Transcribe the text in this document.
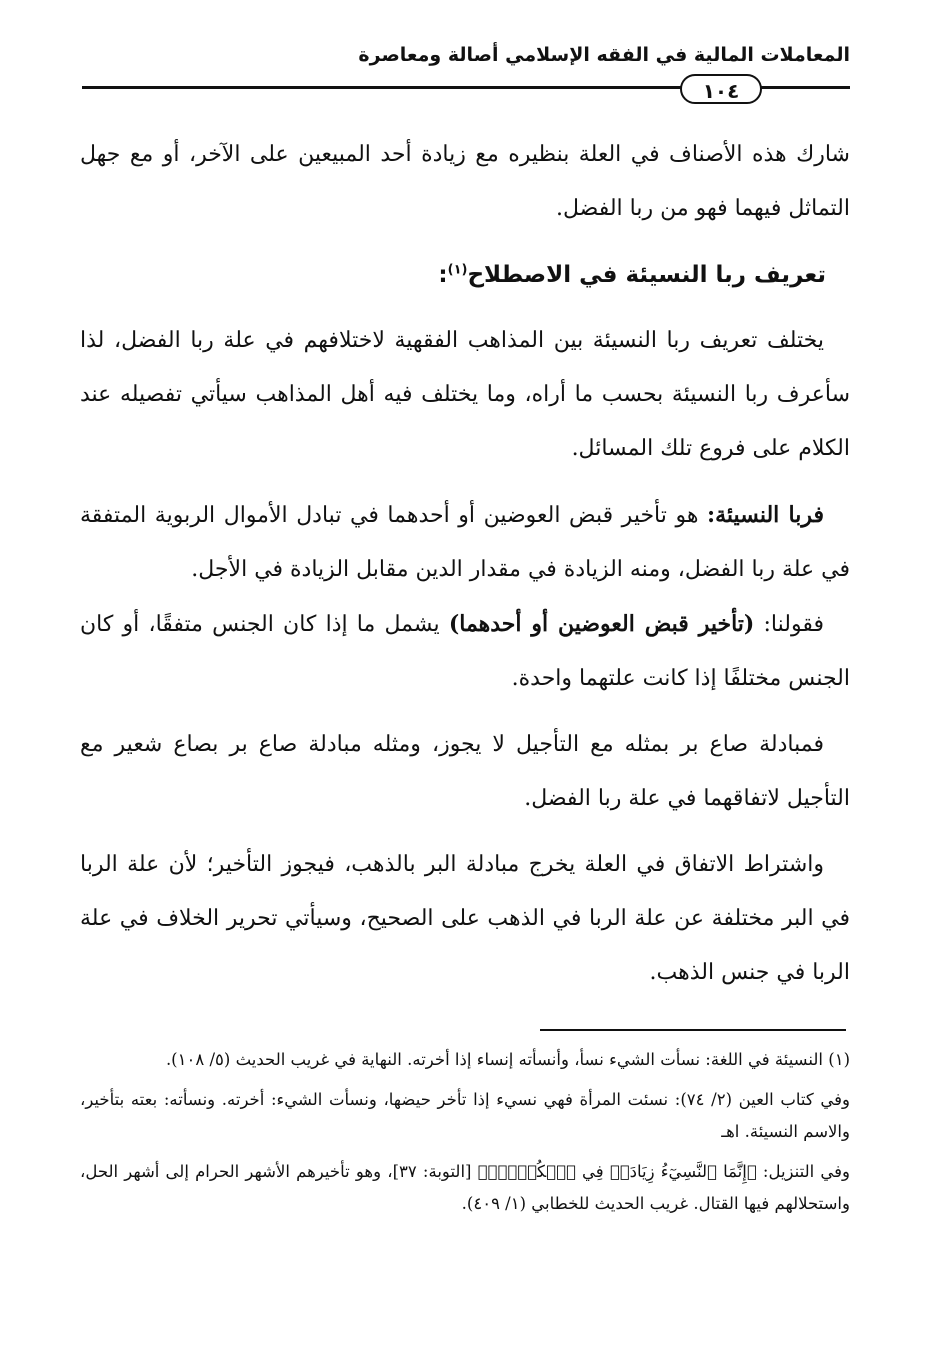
المعاملات المالية في الفقه الإسلامي أصالة ومعاصرة
١٠٤

شارك هذه الأصناف في العلة بنظيره مع زيادة أحد المبيعين على الآخر، أو مع جهل التماثل فيهما فهو من ربا الفضل.

تعريف ربا النسيئة في الاصطلاح$^{(١)}$:

يختلف تعريف ربا النسيئة بين المذاهب الفقهية لاختلافهم في علة ربا الفضل، لذا سأعرف ربا النسيئة بحسب ما أراه، وما يختلف فيه أهل المذاهب سيأتي تفصيله عند الكلام على فروع تلك المسائل.

فربا النسيئة: هو تأخير قبض العوضين أو أحدهما في تبادل الأموال الربوية المتفقة في علة ربا الفضل، ومنه الزيادة في مقدار الدين مقابل الزيادة في الأجل.

فقولنا: (تأخير قبض العوضين أو أحدهما) يشمل ما إذا كان الجنس متفقًا، أو كان الجنس مختلفًا إذا كانت علتهما واحدة.

فمبادلة صاع بر بمثله مع التأجيل لا يجوز، ومثله مبادلة صاع بر بصاع شعير مع التأجيل لاتفاقهما في علة ربا الفضل.

واشتراط الاتفاق في العلة يخرج مبادلة البر بالذهب، فيجوز التأخير؛ لأن علة الربا في البر مختلفة عن علة الربا في الذهب على الصحيح، وسيأتي تحرير الخلاف في علة الربا في جنس الذهب.

(١) النسيئة في اللغة: نسأت الشيء نسأ، وأنسأته إنساء إذا أخرته. النهاية في غريب الحديث (٥/ ١٠٨).

وفي كتاب العين (٢/ ٧٤): نسئت المرأة فهي نسيء إذا تأخر حيضها، ونسأت الشيء: أخرته. ونسأته: بعته بتأخير، والاسم النسيئة. اهـ

وفي التنزيل: ﴿إِنَّمَا ٱلنَّسِيٓءُ زِيَادَةٞ فِي ٱلۡكُفۡرِۖ﴾ [التوبة: ٣٧]، وهو تأخيرهم الأشهر الحرام إلى أشهر الحل، واستحلالهم فيها القتال. غريب الحديث للخطابي (١/ ٤٠٩).
